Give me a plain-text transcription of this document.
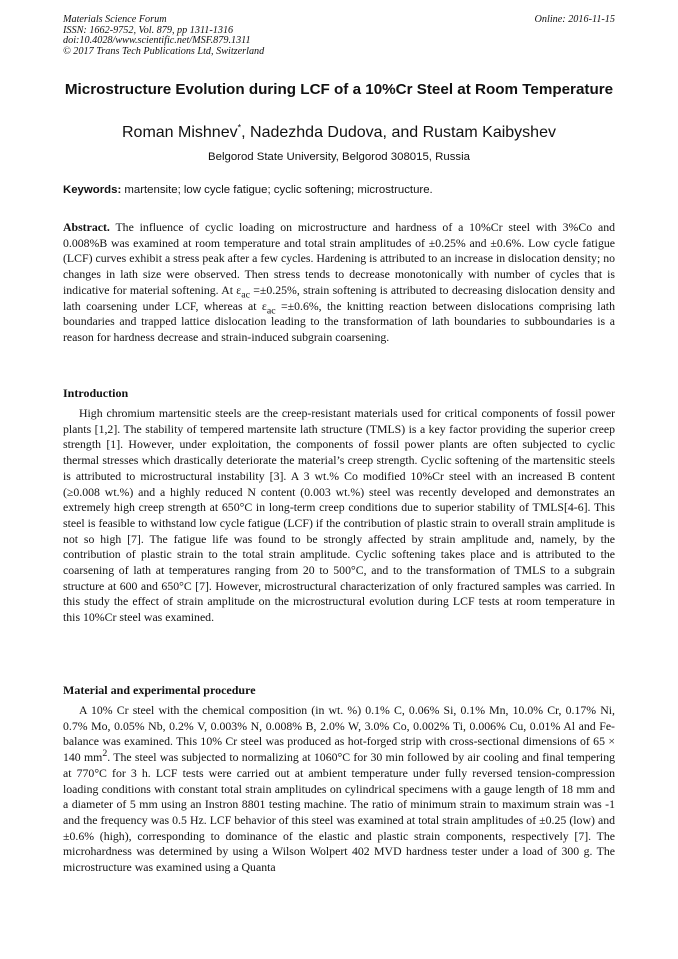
Materials Science Forum
ISSN: 1662-9752, Vol. 879, pp 1311-1316
doi:10.4028/www.scientific.net/MSF.879.1311
© 2017 Trans Tech Publications Ltd, Switzerland
Online: 2016-11-15
Microstructure Evolution during LCF of a 10%Cr Steel at Room Temperature
Roman Mishnev*, Nadezhda Dudova, and Rustam Kaibyshev
Belgorod State University, Belgorod 308015, Russia
Keywords: martensite; low cycle fatigue; cyclic softening; microstructure.
Abstract. The influence of cyclic loading on microstructure and hardness of a 10%Cr steel with 3%Co and 0.008%B was examined at room temperature and total strain amplitudes of ±0.25% and ±0.6%. Low cycle fatigue (LCF) curves exhibit a stress peak after a few cycles. Hardening is attributed to an increase in dislocation density; no changes in lath size were observed. Then stress tends to decrease monotonically with number of cycles that is indicative for material softening. At $\varepsilon_{ac} =\pm 0.25\%$, strain softening is attributed to decreasing dislocation density and lath coarsening under LCF, whereas at $\varepsilon_{ac} =\pm 0.6\%$, the knitting reaction between dislocations comprising lath boundaries and trapped lattice dislocation leading to the transformation of lath boundaries to subboundaries is a reason for hardness decrease and strain-induced subgrain coarsening.
Introduction
High chromium martensitic steels are the creep-resistant materials used for critical components of fossil power plants [1,2]. The stability of tempered martensite lath structure (TMLS) is a key factor providing the superior creep strength [1]. However, under exploitation, the components of fossil power plants are often subjected to cyclic thermal stresses which drastically deteriorate the material’s creep strength. Cyclic softening of the martensitic steels is attributed to microstructural instability [3]. A 3 wt.% Co modified 10%Cr steel with an increased B content (≥0.008 wt.%) and a highly reduced N content (0.003 wt.%) steel was recently developed and demonstrates an extremely high creep strength at 650°C in long-term creep conditions due to superior stability of TMLS[4-6]. This steel is feasible to withstand low cycle fatigue (LCF) if the contribution of plastic strain to overall strain amplitude is not so high [7]. The fatigue life was found to be strongly affected by strain amplitude and, namely, by the contribution of plastic strain to the total strain amplitude. Cyclic softening takes place and is attributed to the coarsening of lath at temperatures ranging from 20 to 500°C, and to the transformation of TMLS to a subgrain structure at 600 and 650°C [7]. However, microstructural characterization of only fractured samples was carried. In this study the effect of strain amplitude on the microstructural evolution during LCF tests at room temperature in this 10%Cr steel was examined.
Material and experimental procedure
A 10% Cr steel with the chemical composition (in wt. %) 0.1% C, 0.06% Si, 0.1% Mn, 10.0% Cr, 0.17% Ni, 0.7% Mo, 0.05% Nb, 0.2% V, 0.003% N, 0.008% B, 2.0% W, 3.0% Co, 0.002% Ti, 0.006% Cu, 0.01% Al and Fe-balance was examined. This 10% Cr steel was produced as hot-forged strip with cross-sectional dimensions of 65 × 140 $mm^2$. The steel was subjected to normalizing at 1060°C for 30 min followed by air cooling and final tempering at 770°C for 3 h. LCF tests were carried out at ambient temperature under fully reversed tension-compression loading conditions with constant total strain amplitudes on cylindrical specimens with a gauge length of 18 mm and a diameter of 5 mm using an Instron 8801 testing machine. The ratio of minimum strain to maximum strain was -1 and the frequency was 0.5 Hz. LCF behavior of this steel was examined at total strain amplitudes of ±0.25 (low) and ±0.6% (high), corresponding to dominance of the elastic and plastic strain components, respectively [7]. The microhardness was determined by using a Wilson Wolpert 402 MVD hardness tester under a load of 300 g. The microstructure was examined using a Quanta
